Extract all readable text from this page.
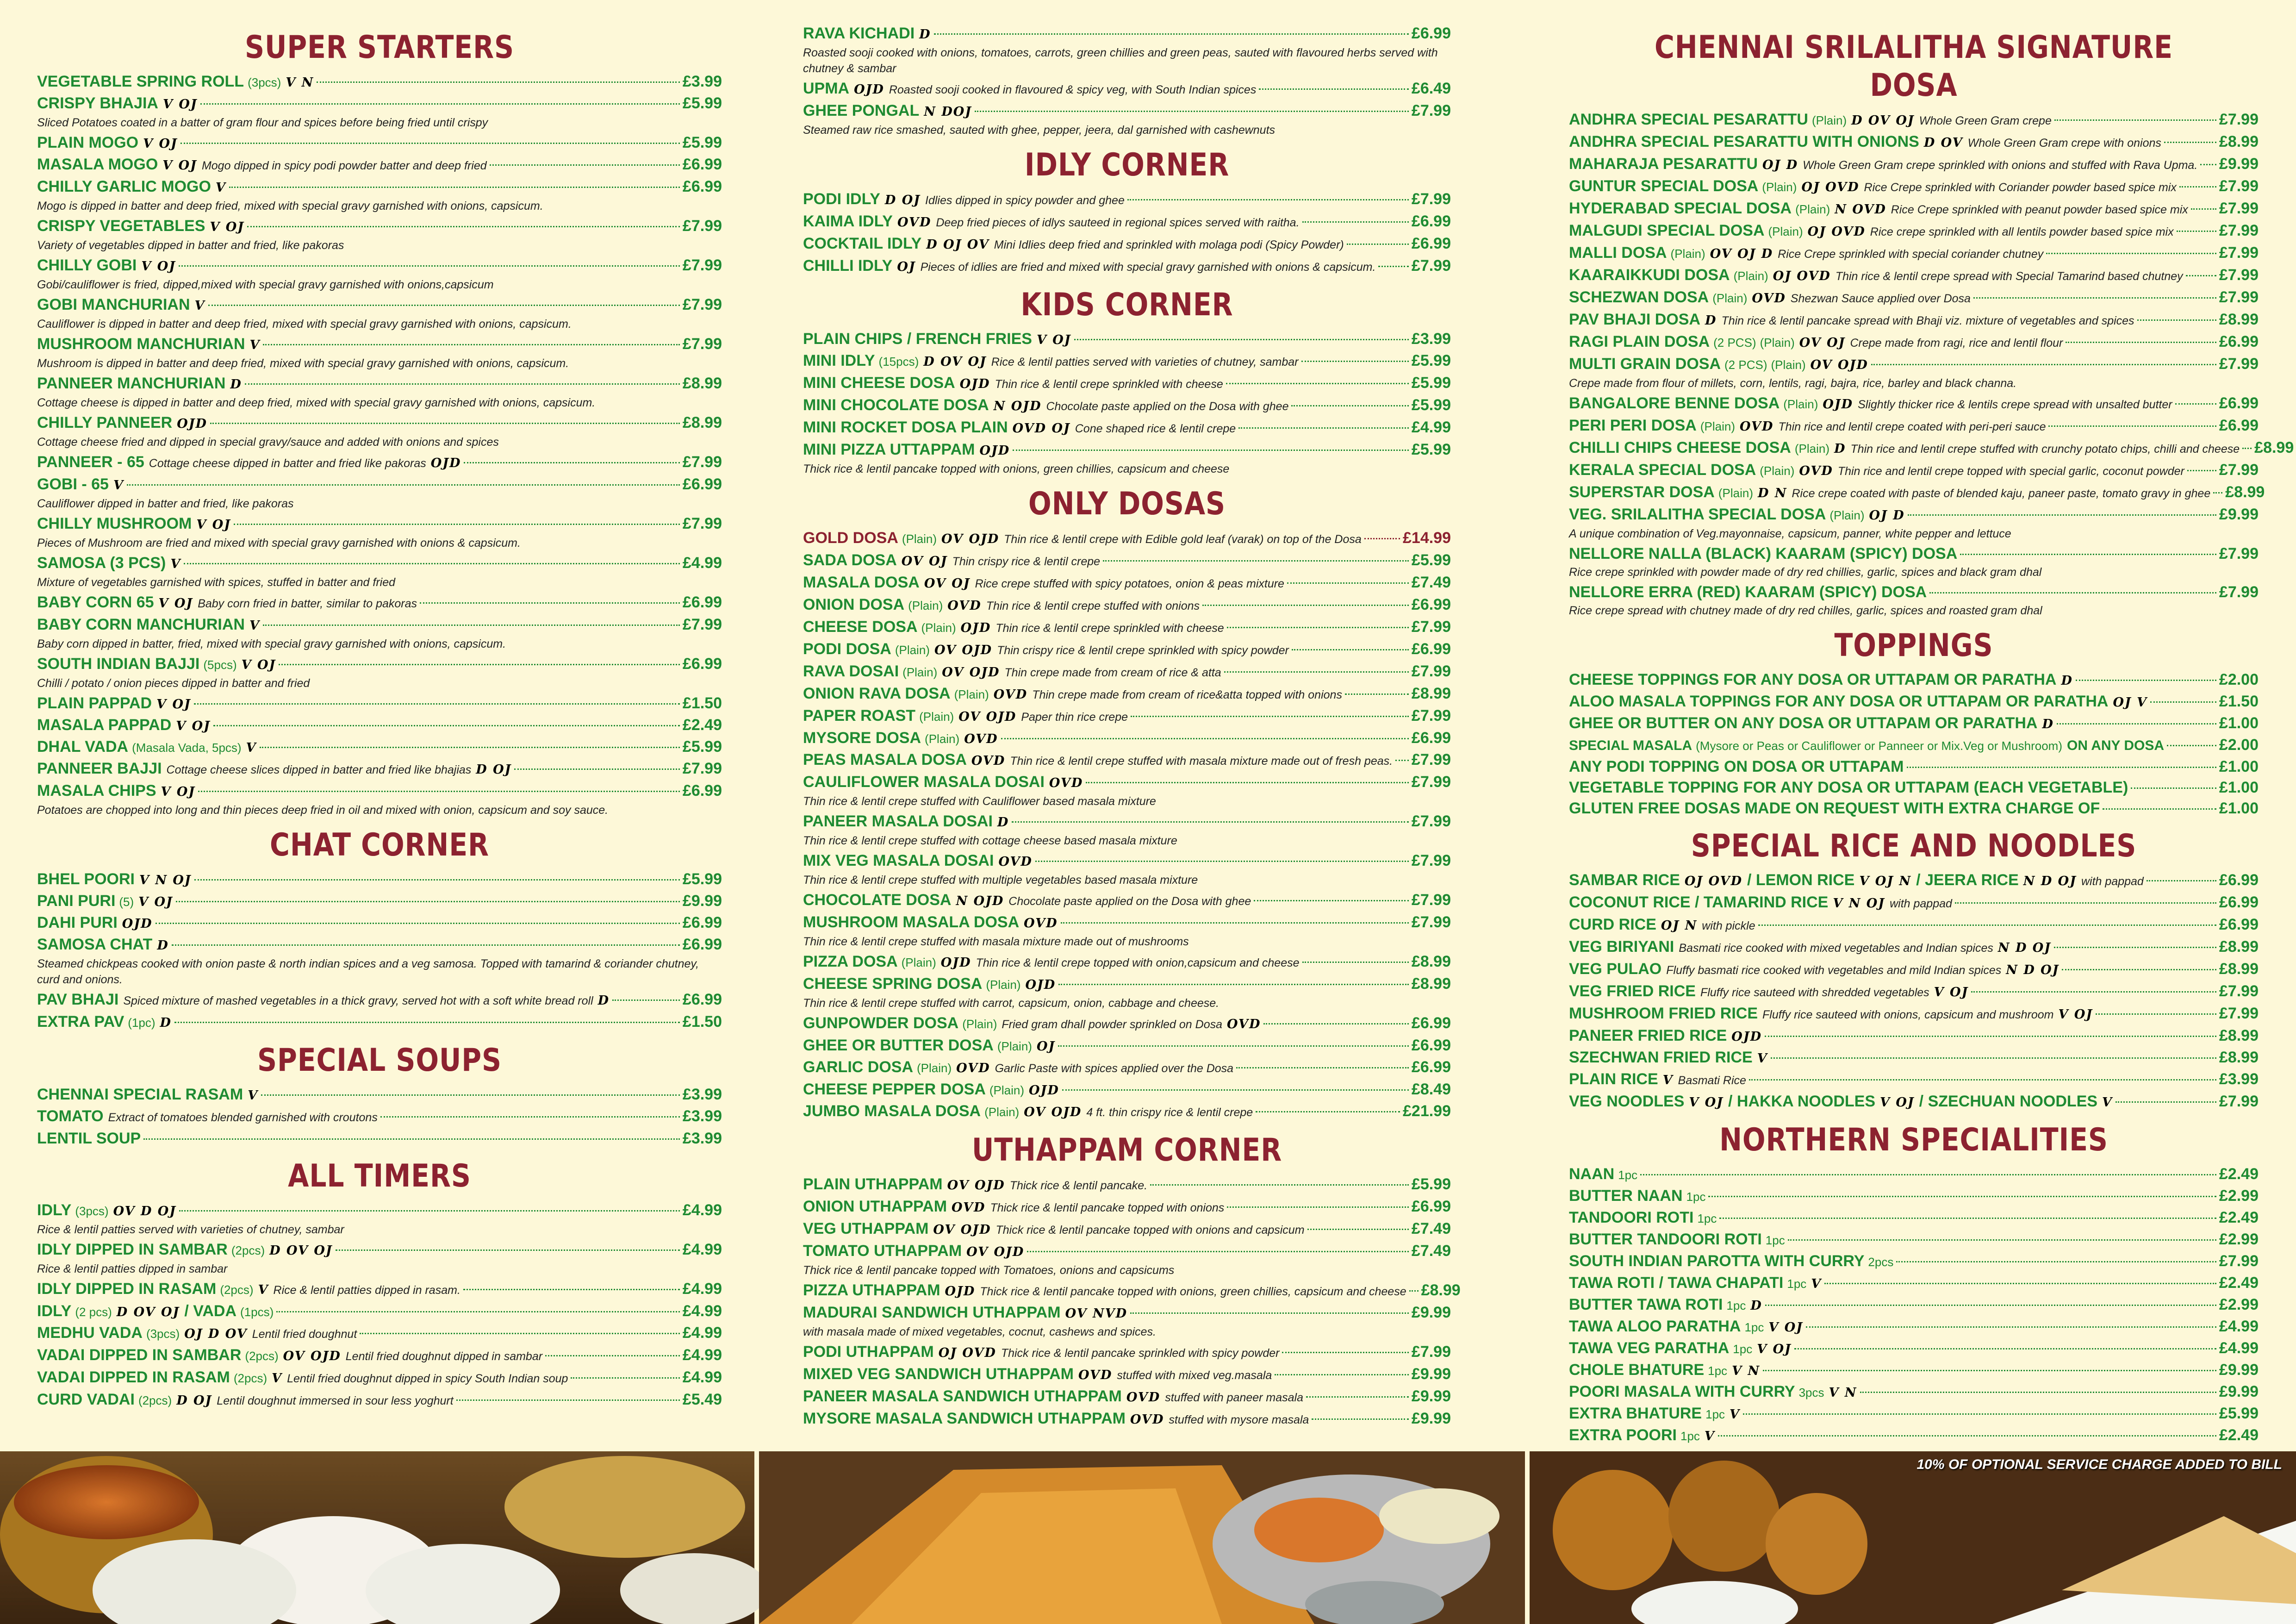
SUPER STARTERS
VEGETABLE SPRING ROLL (3pcs) V N	£3.99
CRISPY BHAJIA V OJ	£5.99
Sliced Potatoes coated in a batter of gram flour and spices before being fried until crispy
PLAIN MOGO V OJ	£5.99
MASALA MOGO V OJ Mogo dipped in spicy podi powder batter and deep fried	£6.99
CHILLY GARLIC MOGO V	£6.99
Mogo is dipped in batter and deep fried, mixed with special gravy garnished with onions, capsicum.
CRISPY VEGETABLES V OJ	£7.99
Variety of vegetables dipped in batter and fried, like pakoras
CHILLY GOBI V OJ	£7.99
Gobi/cauliflower is fried, dipped,mixed with special gravy garnished with onions,capsicum
GOBI MANCHURIAN V	£7.99
Cauliflower is dipped in batter and deep fried, mixed with special gravy garnished with onions, capsicum.
MUSHROOM MANCHURIAN V	£7.99
Mushroom is dipped in batter and deep fried, mixed with special gravy garnished with onions, capsicum.
PANNEER MANCHURIAN D	£8.99
Cottage cheese is dipped in batter and deep fried, mixed with special gravy garnished with onions, capsicum.
CHILLY PANNEER OJD	£8.99
Cottage cheese fried and dipped in special gravy/sauce and added with onions and spices
PANNEER - 65 Cottage cheese dipped in batter and fried like pakoras OJD	£7.99
GOBI - 65 V	£6.99
Cauliflower dipped in batter and fried, like pakoras
CHILLY MUSHROOM V OJ	£7.99
Pieces of Mushroom are fried and mixed with special gravy garnished with onions & capsicum.
SAMOSA (3 PCS) V	£4.99
Mixture of vegetables garnished with spices, stuffed in batter and fried
BABY CORN 65 V OJ Baby corn fried in batter, similar to pakoras	£6.99
BABY CORN MANCHURIAN V	£7.99
Baby corn dipped in batter, fried, mixed with special gravy garnished with onions, capsicum.
SOUTH INDIAN BAJJI (5pcs) V OJ	£6.99
Chilli / potato / onion pieces dipped in batter and fried
PLAIN PAPPAD V OJ	£1.50
MASALA PAPPAD V OJ	£2.49
DHAL VADA (Masala Vada, 5pcs) V	£5.99
PANNEER BAJJI Cottage cheese slices dipped in batter and fried like bhajias D OJ	£7.99
MASALA CHIPS V OJ	£6.99
Potatoes are chopped into long and thin pieces deep fried in oil and mixed with onion, capsicum and soy sauce.
CHAT CORNER
BHEL POORI V N OJ	£5.99
PANI PURI (5) V OJ	£9.99
DAHI PURI OJD	£6.99
SAMOSA CHAT D	£6.99
Steamed chickpeas cooked with onion paste & north indian spices and a veg samosa. Topped with tamarind & coriander chutney, curd and onions.
PAV BHAJI Spiced mixture of mashed vegetables in a thick gravy, served hot with a soft white bread roll D	£6.99
EXTRA PAV (1pc) D	£1.50
SPECIAL SOUPS
CHENNAI SPECIAL RASAM V	£3.99
TOMATO Extract of tomatoes blended garnished with croutons	£3.99
LENTIL SOUP	£3.99
ALL TIMERS
IDLY (3pcs) OV D OJ	£4.99
Rice & lentil patties served with varieties of chutney, sambar
IDLY DIPPED IN SAMBAR (2pcs) D OV OJ	£4.99
Rice & lentil patties dipped in sambar
IDLY DIPPED IN RASAM (2pcs) V Rice & lentil patties dipped in rasam.	£4.99
IDLY (2 pcs) D OV OJ / VADA (1pcs)	£4.99
MEDHU VADA (3pcs) OJ D OV Lentil fried doughnut	£4.99
VADAI DIPPED IN SAMBAR (2pcs) OV OJD Lentil fried doughnut dipped in sambar	£4.99
VADAI DIPPED IN RASAM (2pcs) V Lentil fried doughnut dipped in spicy South Indian soup	£4.99
CURD VADAI (2pcs) D OJ Lentil doughnut immersed in sour less yoghurt	£5.49
RAVA KICHADI D	£6.99
Roasted sooji cooked with onions, tomatoes, carrots, green chillies and green peas, sauted with flavoured herbs served with chutney & sambar
UPMA OJD Roasted sooji cooked in flavoured & spicy veg, with South Indian spices	£6.49
GHEE PONGAL N DOJ	£7.99
Steamed raw rice smashed, sauted with ghee, pepper, jeera, dal garnished with cashewnuts
IDLY CORNER
PODI IDLY D OJ Idlies dipped in spicy powder and ghee	£7.99
KAIMA IDLY OVD Deep fried pieces of idlys sauteed in regional spices served with raitha.	£6.99
COCKTAIL IDLY D OJ OV Mini Idlies deep fried and sprinkled with molaga podi (Spicy Powder)	£6.99
CHILLI IDLY OJ Pieces of idlies are fried and mixed with special gravy garnished with onions & capsicum. £7.99
KIDS CORNER
PLAIN CHIPS / FRENCH FRIES V OJ	£3.99
MINI IDLY (15pcs) D OV OJ Rice & lentil patties served with varieties of chutney, sambar	£5.99
MINI CHEESE DOSA OJD Thin rice & lentil crepe sprinkled with cheese	£5.99
MINI CHOCOLATE DOSA N OJD Chocolate paste applied on the Dosa with ghee	£5.99
MINI ROCKET DOSA PLAIN OVD OJ Cone shaped rice & lentil crepe	£4.99
MINI PIZZA UTTAPPAM OJD	£5.99
Thick rice & lentil pancake topped with onions, green chillies, capsicum and cheese
ONLY DOSAS
GOLD DOSA (Plain) OV OJD Thin rice & lentil crepe with Edible gold leaf (varak) on top of the Dosa	£14.99
SADA DOSA OV OJ Thin crispy rice & lentil crepe	£5.99
MASALA DOSA OV OJ Rice crepe stuffed with spicy potatoes, onion & peas mixture	£7.49
ONION DOSA (Plain) OVD Thin rice & lentil crepe stuffed with onions	£6.99
CHEESE DOSA (Plain) OJD Thin rice & lentil crepe sprinkled with cheese	£7.99
PODI DOSA (Plain) OV OJD Thin crispy rice & lentil crepe sprinkled with spicy powder	£6.99
RAVA DOSAI (Plain) OV OJD Thin crepe made from cream of rice & atta	£7.99
ONION RAVA DOSA (Plain) OVD Thin crepe made from cream of rice&atta topped with onions	£8.99
PAPER ROAST (Plain) OV OJD Paper thin rice crepe	£7.99
MYSORE DOSA (Plain) OVD	£6.99
PEAS MASALA DOSA OVD Thin rice & lentil crepe stuffed with masala mixture made out of fresh peas. £7.99
CAULIFLOWER MASALA DOSAI OVD	£7.99
Thin rice & lentil crepe stuffed with Cauliflower based masala mixture
PANEER MASALA DOSAI D	£7.99
Thin rice & lentil crepe stuffed with cottage cheese based masala mixture
MIX VEG MASALA DOSAI OVD	£7.99
Thin rice & lentil crepe stuffed with multiple vegetables based masala mixture
CHOCOLATE DOSA N OJD Chocolate paste applied on the Dosa with ghee	£7.99
MUSHROOM MASALA DOSA OVD	£7.99
Thin rice & lentil crepe stuffed with masala mixture made out of mushrooms
PIZZA DOSA (Plain) OJD Thin rice & lentil crepe topped with onion,capsicum and cheese	£8.99
CHEESE SPRING DOSA (Plain) OJD	£8.99
Thin rice & lentil crepe stuffed with carrot, capsicum, onion, cabbage and cheese.
GUNPOWDER DOSA (Plain) Fried gram dhall powder sprinkled on Dosa OVD	£6.99
GHEE OR BUTTER DOSA (Plain) OJ	£6.99
GARLIC DOSA (Plain) OVD Garlic Paste with spices applied over the Dosa	£6.99
CHEESE PEPPER DOSA (Plain) OJD	£8.49
JUMBO MASALA DOSA (Plain) OV OJD 4 ft. thin crispy rice & lentil crepe	£21.99
UTHAPPAM CORNER
PLAIN UTHAPPAM OV OJD Thick rice & lentil pancake.	£5.99
ONION UTHAPPAM OVD Thick rice & lentil pancake topped with onions	£6.99
VEG UTHAPPAM OV OJD Thick rice & lentil pancake topped with onions and capsicum	£7.49
TOMATO UTHAPPAM OV OJD	£7.49
Thick rice & lentil pancake topped with Tomatoes, onions and capsicums
PIZZA UTHAPPAM OJD Thick rice & lentil pancake topped with onions, green chillies, capsicum and cheese £8.99
MADURAI SANDWICH UTHAPPAM OV NVD	£9.99
with masala made of mixed vegetables, cocnut, cashews and spices.
PODI UTHAPPAM OJ OVD Thick rice & lentil pancake sprinkled with spicy powder	£7.99
MIXED VEG SANDWICH UTHAPPAM OVD stuffed with mixed veg.masala	£9.99
PANEER MASALA SANDWICH UTHAPPAM OVD stuffed with paneer masala	£9.99
MYSORE MASALA SANDWICH UTHAPPAM OVD stuffed with mysore masala	£9.99
CHENNAI SRILALITHA SIGNATURE DOSA
ANDHRA SPECIAL PESARATTU (Plain) D OV OJ Whole Green Gram crepe	£7.99
ANDHRA SPECIAL PESARATTU WITH ONIONS D OV Whole Green Gram crepe with onions	£8.99
MAHARAJA PESARATTU OJ D Whole Green Gram crepe sprinkled with onions and stuffed with Rava Upma. £9.99
GUNTUR SPECIAL DOSA (Plain) OJ OVD Rice Crepe sprinkled with Coriander powder based spice mix	£7.99
HYDERABAD SPECIAL DOSA (Plain) N OVD Rice Crepe sprinkled with peanut powder based spice mix £7.99
MALGUDI SPECIAL DOSA (Plain) OJ OVD Rice crepe sprinkled with all lentils powder based spice mix	£7.99
MALLI DOSA (Plain) OV OJ D Rice Crepe sprinkled with special coriander chutney	£7.99
KAARAIKKUDI DOSA (Plain) OJ OVD Thin rice & lentil crepe spread with Special Tamarind based chutney £7.99
SCHEZWAN DOSA (Plain) OVD Shezwan Sauce applied over Dosa	£7.99
PAV BHAJI DOSA D Thin rice & lentil pancake spread with Bhaji viz. mixture of vegetables and spices	£8.99
RAGI PLAIN DOSA (2 PCS) (Plain) OV OJ Crepe made from ragi, rice and lentil flour	£6.99
MULTI GRAIN DOSA (2 PCS) (Plain) OV OJD	£7.99
Crepe made from flour of millets, corn, lentils, ragi, bajra, rice, barley and black channa.
BANGALORE BENNE DOSA (Plain) OJD Slightly thicker rice & lentils crepe spread with unsalted butter	£6.99
PERI PERI DOSA (Plain) OVD Thin rice and lentil crepe coated with peri-peri sauce	£6.99
CHILLI CHIPS CHEESE DOSA (Plain) D Thin rice and lentil crepe stuffed with crunchy potato chips, chilli and cheese £8.99
KERALA SPECIAL DOSA (Plain) OVD Thin rice and lentil crepe topped with special garlic, coconut powder £7.99
SUPERSTAR DOSA (Plain) D N Rice crepe coated with paste of blended kaju, paneer paste, tomato gravy in ghee £8.99
VEG. SRILALITHA SPECIAL DOSA (Plain) OJ D	£9.99
A unique combination of Veg.mayonnaise, capsicum, panner, white pepper and lettuce
NELLORE NALLA (BLACK) KAARAM (SPICY) DOSA	£7.99
Rice crepe sprinkled with powder made of dry red chillies, garlic, spices and black gram dhal
NELLORE ERRA (RED) KAARAM (SPICY) DOSA	£7.99
Rice crepe spread with chutney made of dry red chilles, garlic, spices and roasted gram dhal
TOPPINGS
CHEESE TOPPINGS FOR ANY DOSA OR UTTAPAM OR PARATHA D	£2.00
ALOO MASALA TOPPINGS FOR ANY DOSA OR UTTAPAM OR PARATHA OJ V	£1.50
GHEE OR BUTTER ON ANY DOSA OR UTTAPAM OR PARATHA D	£1.00
SPECIAL MASALA (Mysore or Peas or Cauliflower or Panneer or Mix.Veg or Mushroom) ON ANY DOSA	£2.00
ANY PODI TOPPING ON DOSA OR UTTAPAM	£1.00
VEGETABLE TOPPING FOR ANY DOSA OR UTTAPAM (EACH VEGETABLE)	£1.00
GLUTEN FREE DOSAS MADE ON REQUEST WITH EXTRA CHARGE OF	£1.00
SPECIAL RICE AND NOODLES
SAMBAR RICE OJ OVD / LEMON RICE V OJ N / JEERA RICE N D OJ with pappad	£6.99
COCONUT RICE / TAMARIND RICE V N OJ with pappad	£6.99
CURD RICE OJ N with pickle	£6.99
VEG BIRIYANI Basmati rice cooked with mixed vegetables and Indian spices N D OJ	£8.99
VEG PULAO Fluffy basmati rice cooked with vegetables and mild Indian spices N D OJ	£8.99
VEG FRIED RICE Fluffy rice sauteed with shredded vegetables V OJ	£7.99
MUSHROOM FRIED RICE Fluffy rice sauteed with onions, capsicum and mushroom V OJ	£7.99
PANEER FRIED RICE OJD	£8.99
SZECHWAN FRIED RICE V	£8.99
PLAIN RICE V Basmati Rice	£3.99
VEG NOODLES V OJ / HAKKA NOODLES V OJ / SZECHUAN NOODLES V	£7.99
NORTHERN SPECIALITIES
NAAN 1pc	£2.49
BUTTER NAAN 1pc	£2.99
TANDOORI ROTI 1pc	£2.49
BUTTER TANDOORI ROTI 1pc	£2.99
SOUTH INDIAN PAROTTA WITH CURRY 2pcs	£7.99
TAWA ROTI / TAWA CHAPATI 1pc V	£2.49
BUTTER TAWA ROTI 1pc D	£2.99
TAWA ALOO PARATHA 1pc V OJ	£4.99
TAWA VEG PARATHA 1pc V OJ	£4.99
CHOLE BHATURE 1pc V N	£9.99
POORI MASALA WITH CURRY 3pcs V N	£9.99
EXTRA BHATURE 1pc V	£5.99
EXTRA POORI 1pc V	£2.49
10% OF OPTIONAL SERVICE CHARGE ADDED TO BILL
